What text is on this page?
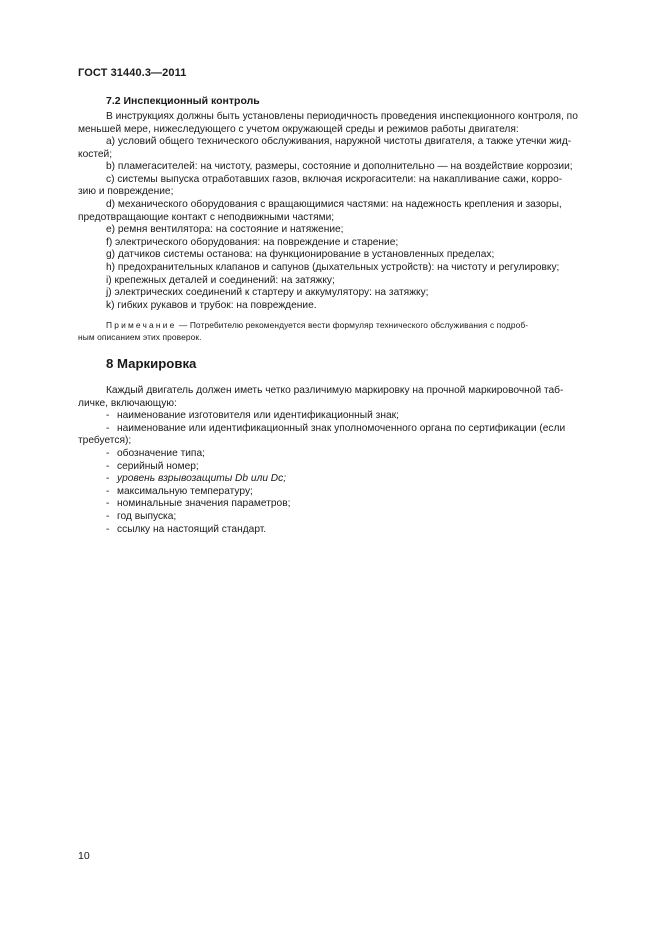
ГОСТ 31440.3—2011
7.2 Инспекционный контроль
В инструкциях должны быть установлены периодичность проведения инспекционного контроля, по
меньшей мере, нижеследующего с учетом окружающей среды и режимов работы двигателя:
a) условий общего технического обслуживания, наружной чистоты двигателя, а также утечки жид-
костей;
b) пламегасителей: на чистоту, размеры, состояние и дополнительно — на воздействие коррозии;
c) системы выпуска отработавших газов, включая искрогасители: на накапливание сажи, корро-
зию и повреждение;
d) механического оборудования с вращающимися частями: на надежность крепления и зазоры,
предотвращающие контакт с неподвижными частями;
e) ремня вентилятора: на состояние и натяжение;
f) электрического оборудования: на повреждение и старение;
g) датчиков системы останова: на функционирование в установленных пределах;
h) предохранительных клапанов и сапунов (дыхательных устройств): на чистоту и регулировку;
i) крепежных деталей и соединений: на затяжку;
j) электрических соединений к стартеру и аккумулятору: на затяжку;
k) гибких рукавов и трубок: на повреждение.
Примечание — Потребителю рекомендуется вести формуляр технического обслуживания с подроб-
ным описанием этих проверок.
8 Маркировка
Каждый двигатель должен иметь четко различимую маркировку на прочной маркировочной таб-
личке, включающую:
- наименование изготовителя или идентификационный знак;
- наименование или идентификационный знак уполномоченного органа по сертификации (если
требуется);
- обозначение типа;
- серийный номер;
- уровень взрывозащиты Db или Dc;
- максимальную температуру;
- номинальные значения параметров;
- год выпуска;
- ссылку на настоящий стандарт.
10
